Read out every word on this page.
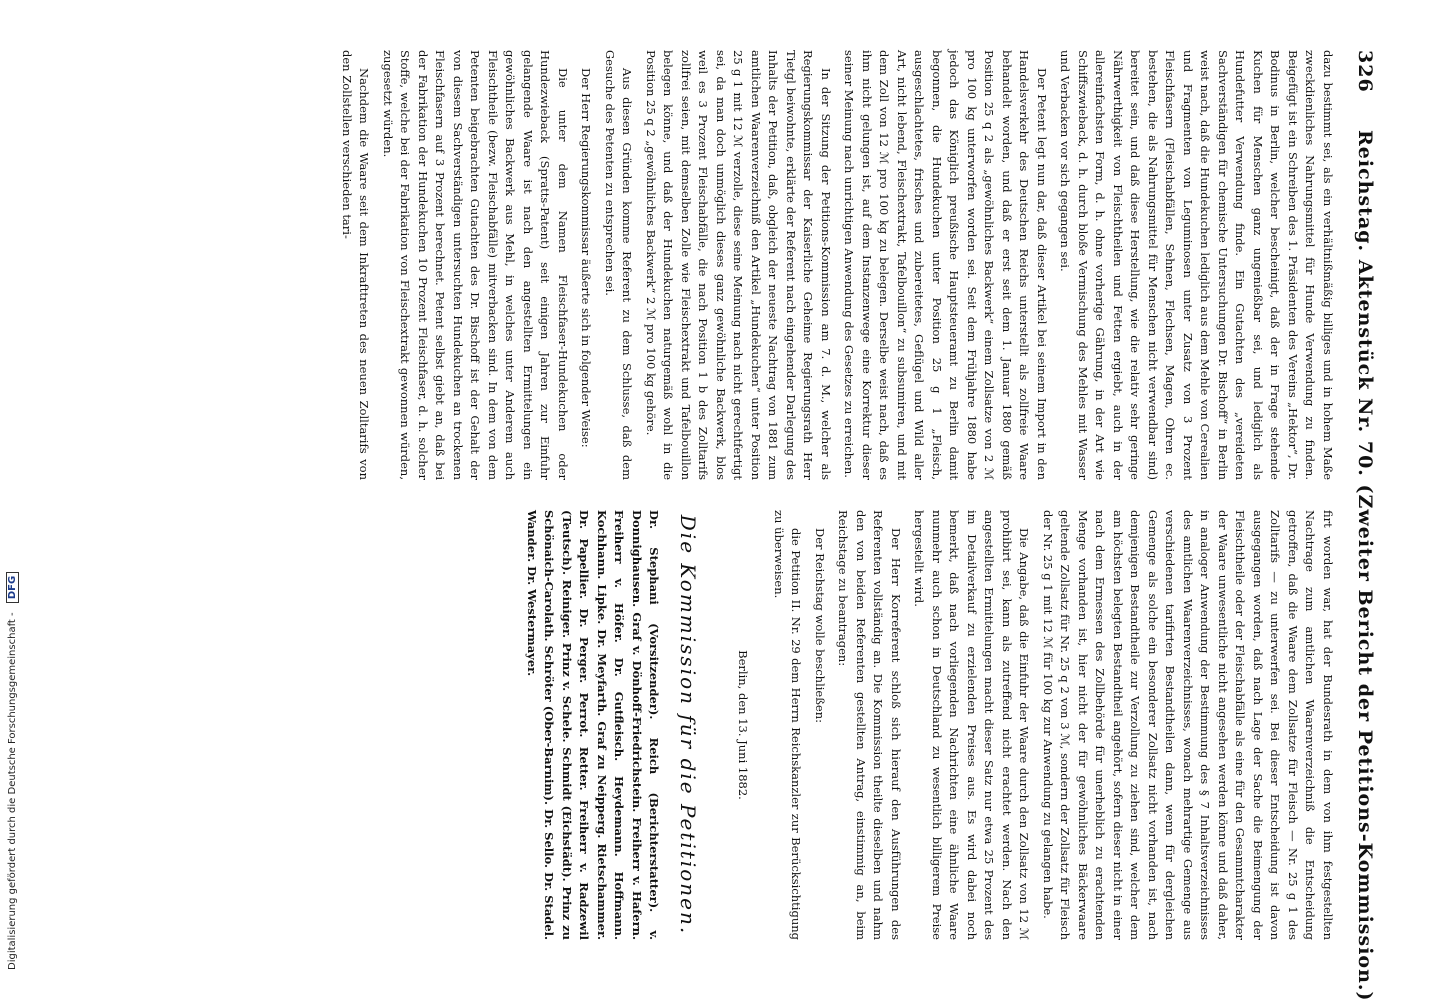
326
Reichstag. Aktenstück Nr. 70. (Zweiter Bericht der Petitions-Kommission.)

dazu bestimmt sei, als ein verhältnißmäßig billiges und in hohem Maße zweckdienliches Nahrungsmittel für Hunde Verwendung zu finden. Beigefügt ist ein Schreiben des 1. Präsidenten des Vereins „Hektor“, Dr. Bodinus in Berlin, welcher bescheinigt, daß der in Frage stehende Kuchen für Menschen ganz ungenießbar sei, und lediglich als Hundefutter Verwendung finde. Ein Gutachten des „vereideten Sachverständigen für chemische Untersuchungen Dr. Bischoff“ in Berlin weist nach, daß die Hundekuchen lediglich aus dem Mehle von Cerealien und Fragmenten von Leguminosen unter Zusatz von 3 Prozent Fleischfasern (Fleischabfällen, Sehnen, Flechsen, Magen, Ohren ec. bestehen, die als Nahrungsmittel für Menschen nicht verwendbar sind) bereitet sein, und daß diese Herstellung, wie die relativ sehr geringe Nährwerthigkeit von Fleischtheilen und Fetten ergiebt, auch in der allereinfachsten Form, d. h. ohne vorherige Gährung, in der Art wie Schiffszwieback, d. h. durch bloße Vermischung des Mehles mit Wasser und Verbacken vor sich gegangen sei.

Der Petent legt nun dar, daß dieser Artikel bei seinem Import in den Handelsverkehr des Deutschen Reichs unterstellt als zollfreie Waare behandelt worden, und daß er erst seit dem 1. Januar 1880 gemäß Position 25 q 2 als „gewöhnliches Backwerk“ einem Zollsatze von 2 ℳ pro 100 kg unterworfen worden sei. Seit dem Frühjahre 1880 habe jedoch das Königlich preußische Hauptsteueramt zu Berlin damit begonnen, die Hundekuchen unter Position 25 g 1 „Fleisch, ausgeschlachtetes, frisches und zubereitetes, Geflügel und Wild aller Art, nicht lebend, Fleischextrakt, Tafelbouillon“ zu subsumiren, und mit dem Zoll von 12 ℳ pro 100 kg zu belegen. Derselbe weist nach, daß es ihm nicht gelungen ist, auf dem Instanzenwege eine Korrektur dieser seiner Meinung nach unrichtigen Anwendung des Gesetzes zu erreichen.

In der Sitzung der Petitions-Kommission am 7. d. M., welcher als Regierungskommissar der Kaiserliche Geheime Regierungsrath Herr Tietgl beiwohnte, erklärte der Referent nach eingehender Darlegung des Inhalts der Petition, daß, obgleich der neueste Nachtrag von 1881 zum amtlichen Waarenverzeichniß den Artikel „Hundekuchen“ unter Position 25 g 1 mit 12 ℳ verzolle, diese seine Meinung nach nicht gerechtfertigt sei, da man doch unmöglich dieses ganz gewöhnliche Backwerk, blos weil es 3 Prozent Fleischabfälle, die nach Position 1 b des Zolltarifs zollfrei seien, mit demselben Zolle wie Fleischextrakt und Tafelbouillon belegen könne, und daß der Hundekuchen naturgemäß wohl in die Position 25 q 2 „gewöhnliches Backwerk“ 2 ℳ pro 100 kg gehöre.

Aus diesen Gründen komme Referent zu dem Schlusse, daß dem Gesuche des Petenten zu entsprechen sei.

Der Herr Regierungskommissar äußerte sich in folgender Weise:

Die unter dem Namen Fleischfaser-Hundekuchen oder Hundezwieback (Spratts-Patent) seit einigen Jahren zur Einfuhr gelangende Waare ist nach den angestellten Ermittelungen ein gewöhnliches Backwerk aus Mehl, in welches unter Anderem auch Fleischtheile (bezw. Fleischabfälle) mitverbacken sind. In dem von dem Petenten beigebrachten Gutachten des Dr. Bischoff ist der Gehalt der von diesem Sachverständigen untersuchten Hundekuchen an trockenen Fleischfasern auf 3 Prozent berechnet. Petent selbst giebt an, daß bei der Fabrikation der Hundekuchen 10 Prozent Fleischfaser, d. h. solcher Stoffe, welche bei der Fabrikation von Fleischextrakt gewonnen würden, zugesetzt würden.

Nachdem die Waare seit dem Inkrafttreten des neuen Zolltarifs von den Zollstellen verschieden tari-

firt worden war, hat der Bundesrath in dem von ihm festgestellten Nachtrage zum amtlichen Waarenverzeichniß die Entscheidung getroffen, daß die Waare dem Zollsatze für Fleisch — Nr. 25 g 1 des Zolltarifs — zu unterwerfen sei. Bei dieser Entscheidung ist davon ausgegangen worden, daß nach Lage der Sache die Beimengung der Fleischtheile oder der Fleischabfälle als eine für den Gesammtcharakter der Waare unwesentliche nicht angesehen werden könne und daß daher, in analoger Anwendung der Bestimmung des § 7 Inhaltsverzeichnisses des amtlichen Waarenverzeichnisses, wonach mehrartige Gemenge aus verschiedenen tarifirten Bestandtheilen dann, wenn für dergleichen Gemenge als solche ein besonderer Zollsatz nicht vorhanden ist, nach demjenigen Bestandtheile zur Verzollung zu ziehen sind, welcher dem am höchsten belegten Bestandtheil angehört, sofern dieser nicht in einer nach dem Ermessen des Zollbehörde für unerheblich zu erachtenden Menge vorhanden ist, hier nicht der für gewöhnliches Bäckerwaare geltende Zollsatz für Nr. 25 q 2 von 3 ℳ, sondern der Zollsatz für Fleisch der Nr. 25 g 1 mit 12 ℳ für 100 kg zur Anwendung zu gelangen habe.

Die Angabe, daß die Einfuhr der Waare durch den Zollsatz von 12 ℳ prohibirt sei, kann als zutreffend nicht erachtet werden. Nach den angestellten Ermittelungen macht dieser Satz nur etwa 25 Prozent des im Detailverkauf zu erzielenden Preises aus. Es wird dabei noch bemerkt, daß nach vorliegenden Nachrichten eine ähnliche Waare nunmehr auch schon in Deutschland zu wesentlich billigerem Preise hergestellt wird.

Der Herr Korreferent schloß sich hierauf den Ausführungen des Referenten vollständig an. Die Kommission theilte dieselben und nahm den von beiden Referenten gestellten Antrag, einstimmig an, beim Reichstage zu beantragen:

Der Reichstag wolle beschließen:

die Petition II. Nr. 29 dem Herrn Reichskanzler zur Berücksichtigung zu überweisen.

Berlin, den 13. Juni 1882.
Die Kommission für die Petitionen.

Dr. Stephani (Vorsitzender). Reich (Berichterstatter). v. Donnighausen. Graf v. Dönhoff-Friedrichstein. Freiherr v. Hafern. Freiherr v. Höfer. Dr. Gutfleisch. Heydemann. Hoffmann. Kochhann. Lipke. Dr. Meyfarth. Graf zu Neipperg. Rietschammer. Dr. Papellier. Dr. Perger. Perrot. Retter. Freiherr v. Radzewil (Teutsch). Reiniger. Prinz v. Schele. Schmidt (Eichstädt). Prinz zu Schönaich-Carolath. Schröter (Ober-Barnim). Dr. Sello. Dr. Stadel. Wander. Dr. Westermayer.

Digitalisierung gefördert durch die Deutsche Forschungsgemeinschaft - DFG
